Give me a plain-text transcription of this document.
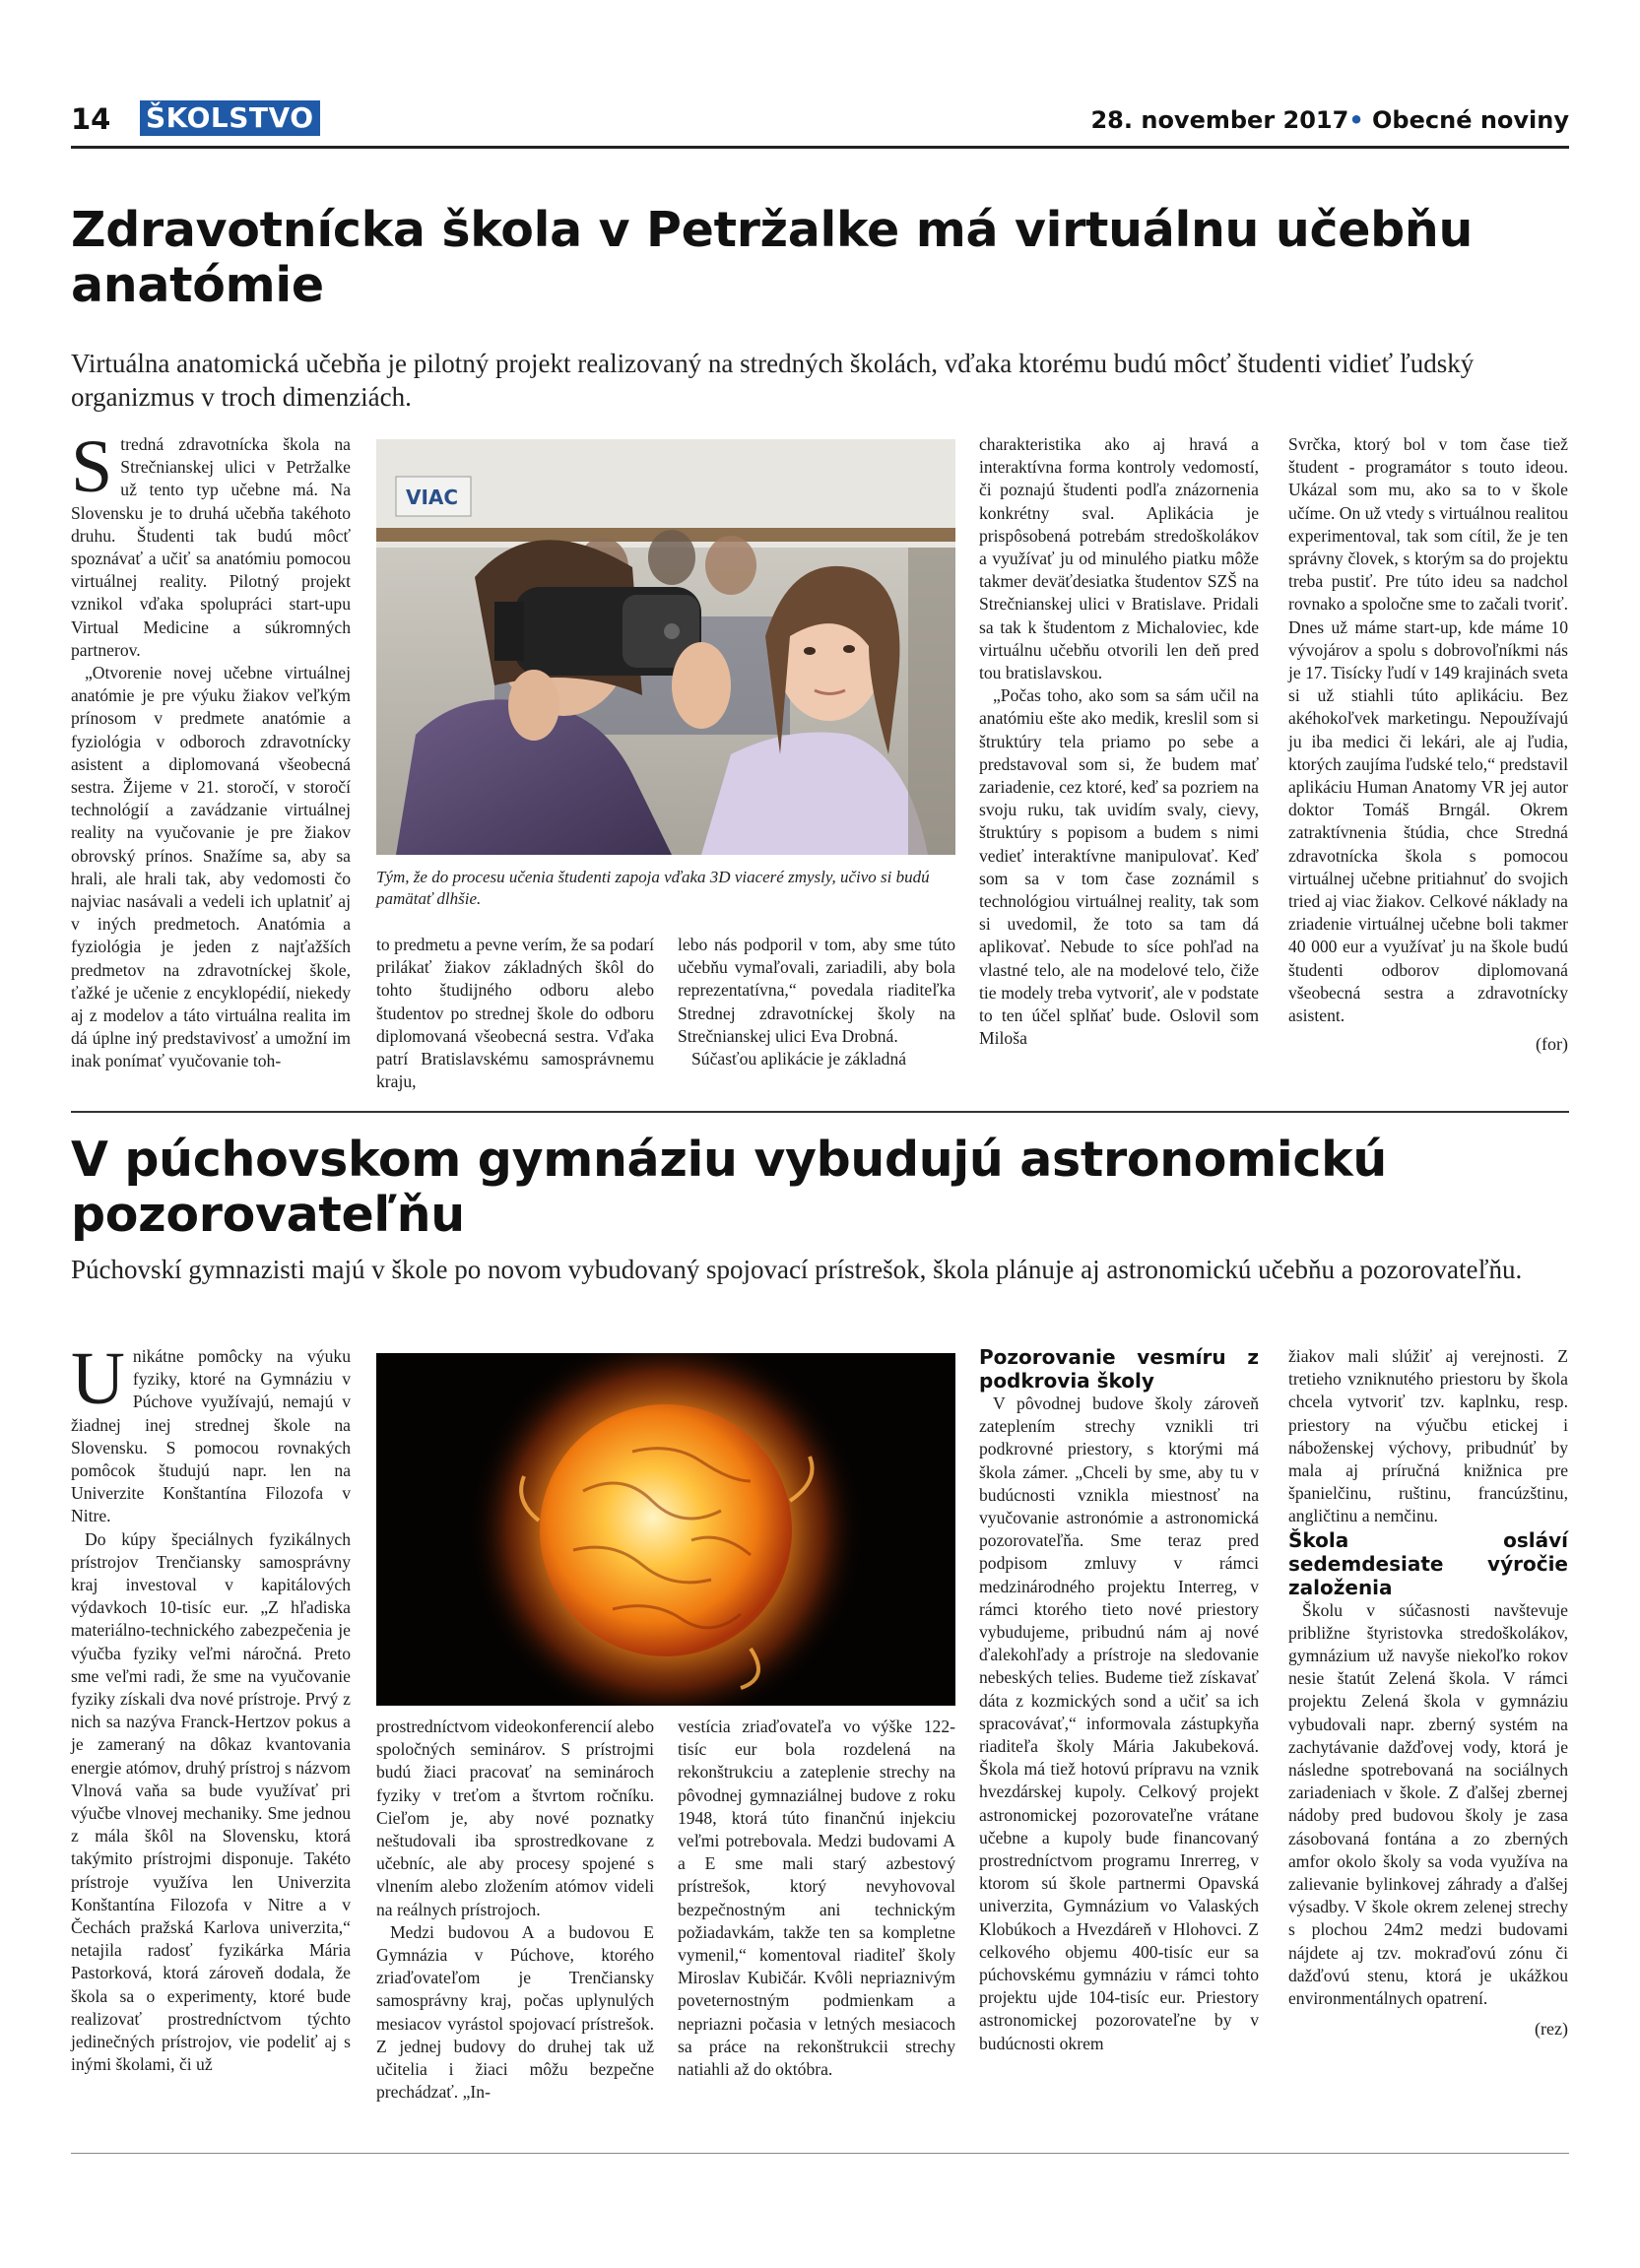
14 ŠKOLSTVO	28. november 2017• Obecné noviny
Zdravotnícka škola v Petržalke má virtuálnu učebňu anatómie
Virtuálna anatomická učebňa je pilotný projekt realizovaný na stredných školách, vďaka ktorému budú môcť študenti vidieť ľudský organizmus v troch dimenziách.

Stredná zdravotnícka škola na Strečnianskej ulici v Petržalke už tento typ učebne má. Na Slovensku je to druhá učebňa takéhoto druhu. Študenti tak budú môcť spoznávať a učiť sa anatómiu pomocou virtuálnej reality. Pilotný projekt vznikol vďaka spolupráci start-upu Virtual Medicine a súkromných partnerov.

„Otvorenie novej učebne virtuálnej anatómie je pre výuku žiakov veľkým prínosom v predmete anatómie a fyziológia v odboroch zdravotnícky asistent a diplomovaná všeobecná sestra. Žijeme v 21. storočí, v storočí technológií a zavádzanie virtuálnej reality na vyučovanie je pre žiakov obrovský prínos. Snažíme sa, aby sa hrali, ale hrali tak, aby vedomosti čo najviac nasávali a vedeli ich uplatniť aj v iných predmetoch. Anatómia a fyziológia je jeden z najťažších predmetov na zdravotníckej škole, ťažké je učenie z encyklopédií, niekedy aj z modelov a táto virtuálna realita im dá úplne iný predstavivosť a umožní im inak ponímať vyučovanie toh-

VIAC
Tým, že do procesu učenia študenti zapoja vďaka 3D viaceré zmysly, učivo si budú pamätať dlhšie.

to predmetu a pevne verím, že sa podarí prilákať žiakov základných škôl do tohto študijného odboru alebo študentov po strednej škole do odboru diplomovaná všeobecná sestra. Vďaka patrí Bratislavskému samosprávnemu kraju,

lebo nás podporil v tom, aby sme túto učebňu vymaľovali, zariadili, aby bola reprezentatívna,“ povedala riaditeľka Strednej zdravotníckej školy na Strečnianskej ulici Eva Drobná.

Súčasťou aplikácie je základná

charakteristika ako aj hravá a interaktívna forma kontroly vedomostí, či poznajú študenti podľa znázornenia konkrétny sval. Aplikácia je prispôsobená potrebám stredoškolákov a využívať ju od minulého piatku môže takmer deväťdesiatka študentov SZŠ na Strečnianskej ulici v Bratislave. Pridali sa tak k študentom z Michaloviec, kde virtuálnu učebňu otvorili len deň pred tou bratislavskou.

„Počas toho, ako som sa sám učil na anatómiu ešte ako medik, kreslil som si štruktúry tela priamo po sebe a predstavoval som si, že budem mať zariadenie, cez ktoré, keď sa pozriem na svoju ruku, tak uvidím svaly, cievy, štruktúry s popisom a budem s nimi vedieť interaktívne manipulovať. Keď som sa v tom čase zoznámil s technológiou virtuálnej reality, tak som si uvedomil, že toto sa tam dá aplikovať. Nebude to síce pohľad na vlastné telo, ale na modelové telo, čiže tie modely treba vytvoriť, ale v podstate to ten účel splňať bude. Oslovil som Miloša

Svrčka, ktorý bol v tom čase tiež študent - programátor s touto ideou. Ukázal som mu, ako sa to v škole učíme. On už vtedy s virtuálnou realitou experimentoval, tak som cítil, že je ten správny človek, s ktorým sa do projektu treba pustiť. Pre túto ideu sa nadchol rovnako a spoločne sme to začali tvoriť. Dnes už máme start-up, kde máme 10 vývojárov a spolu s dobrovoľníkmi nás je 17. Tisícky ľudí v 149 krajinách sveta si už stiahli túto aplikáciu. Bez akéhokoľvek marketingu. Nepoužívajú ju iba medici či lekári, ale aj ľudia, ktorých zaujíma ľudské telo,“ predstavil aplikáciu Human Anatomy VR jej autor doktor Tomáš Brngál. Okrem zatraktívnenia štúdia, chce Stredná zdravotnícka škola s pomocou virtuálnej učebne pritiahnuť do svojich tried aj viac žiakov. Celkové náklady na zriadenie virtuálnej učebne boli takmer 40 000 eur a využívať ju na škole budú študenti odborov diplomovaná všeobecná sestra a zdravotnícky asistent.

(for)
V púchovskom gymnáziu vybudujú astronomickú pozorovateľňu
Púchovskí gymnazisti majú v škole po novom vybudovaný spojovací prístrešok, škola plánuje aj astronomickú učebňu a pozorovateľňu.

Unikátne pomôcky na výuku fyziky, ktoré na Gymnáziu v Púchove využívajú, nemajú v žiadnej inej strednej škole na Slovensku. S pomocou rovnakých pomôcok študujú napr. len na Univerzite Konštantína Filozofa v Nitre.

Do kúpy špeciálnych fyzikálnych prístrojov Trenčiansky samosprávny kraj investoval v kapitálových výdavkoch 10-tisíc eur. „Z hľadiska materiálno-technického zabezpečenia je výučba fyziky veľmi náročná. Preto sme veľmi radi, že sme na vyučovanie fyziky získali dva nové prístroje. Prvý z nich sa nazýva Franck-Hertzov pokus a je zameraný na dôkaz kvantovania energie atómov, druhý prístroj s názvom Vlnová vaňa sa bude využívať pri výučbe vlnovej mechaniky. Sme jednou z mála škôl na Slovensku, ktorá takýmito prístrojmi disponuje. Takéto prístroje využíva len Univerzita Konštantína Filozofa v Nitre a v Čechách pražská Karlova univerzita,“ netajila radosť fyzikárka Mária Pastorková, ktorá zároveň dodala, že škola sa o experimenty, ktoré bude realizovať prostredníctvom týchto jedinečných prístrojov, vie podeliť aj s inými školami, či už

prostredníctvom videokonferencií alebo spoločných seminárov. S prístrojmi budú žiaci pracovať na seminároch fyziky v treťom a štvrtom ročníku. Cieľom je, aby nové poznatky neštudovali iba sprostredkovane z učebníc, ale aby procesy spojené s vlnením alebo zložením atómov videli na reálnych prístrojoch.

Medzi budovou A a budovou E Gymnázia v Púchove, ktorého zriaďovateľom je Trenčiansky samosprávny kraj, počas uplynulých mesiacov vyrástol spojovací prístrešok. Z jednej budovy do druhej tak už učitelia i žiaci môžu bezpečne prechádzať. „In-

vestícia zriaďovateľa vo výške 122-tisíc eur bola rozdelená na rekonštrukciu a zateplenie strechy na pôvodnej gymnaziálnej budove z roku 1948, ktorá túto finančnú injekciu veľmi potrebovala. Medzi budovami A a E sme mali starý azbestový prístrešok, ktorý nevyhovoval bezpečnostným ani technickým požiadavkám, takže ten sa kompletne vymenil,“ komentoval riaditeľ školy Miroslav Kubičár. Kvôli nepriaznivým poveternostným podmienkam a nepriazni počasia v letných mesiacoch sa práce na rekonštrukcii strechy natiahli až do októbra.

Pozorovanie vesmíru z podkrovia školy

V pôvodnej budove školy zároveň zateplením strechy vznikli tri podkrovné priestory, s ktorými má škola zámer. „Chceli by sme, aby tu v budúcnosti vznikla miestnosť na vyučovanie astronómie a astronomická pozorovateľňa. Sme teraz pred podpisom zmluvy v rámci medzinárodného projektu Interreg, v rámci ktorého tieto nové priestory vybudujeme, pribudnú nám aj nové ďalekohľady a prístroje na sledovanie nebeských telies. Budeme tiež získavať dáta z kozmických sond a učiť sa ich spracovávať,“ informovala zástupkyňa riaditeľa školy Mária Jakubeková. Škola má tiež hotovú prípravu na vznik hvezdárskej kupoly. Celkový projekt astronomickej pozorovateľne vrátane učebne a kupoly bude financovaný prostredníctvom programu Inrerreg, v ktorom sú škole partnermi Opavská univerzita, Gymnázium vo Valaských Klobúkoch a Hvezdáreň v Hlohovci. Z celkového objemu 400-tisíc eur sa púchovskému gymnáziu v rámci tohto projektu ujde 104-tisíc eur. Priestory astronomickej pozorovateľne by v budúcnosti okrem

žiakov mali slúžiť aj verejnosti. Z tretieho vzniknutého priestoru by škola chcela vytvoriť tzv. kaplnku, resp. priestory na výučbu etickej i náboženskej výchovy, pribudnúť by mala aj príručná knižnica pre španielčinu, ruštinu, francúzštinu, angličtinu a nemčinu.

Škola osláví sedemdesiate výročie založenia

Školu v súčasnosti navštevuje približne štyristovka stredoškolákov, gymnázium už navyše niekoľko rokov nesie štatút Zelená škola. V rámci projektu Zelená škola v gymnáziu vybudovali napr. zberný systém na zachytávanie dažďovej vody, ktorá je následne spotrebovaná na sociálnych zariadeniach v škole. Z ďalšej zbernej nádoby pred budovou školy je zasa zásobovaná fontána a zo zberných amfor okolo školy sa voda využíva na zalievanie bylinkovej záhrady a ďalšej výsadby. V škole okrem zelenej strechy s plochou 24m2 medzi budovami nájdete aj tzv. mokraďovú zónu či dažďovú stenu, ktorá je ukážkou environmentálnych opatrení.

(rez)
